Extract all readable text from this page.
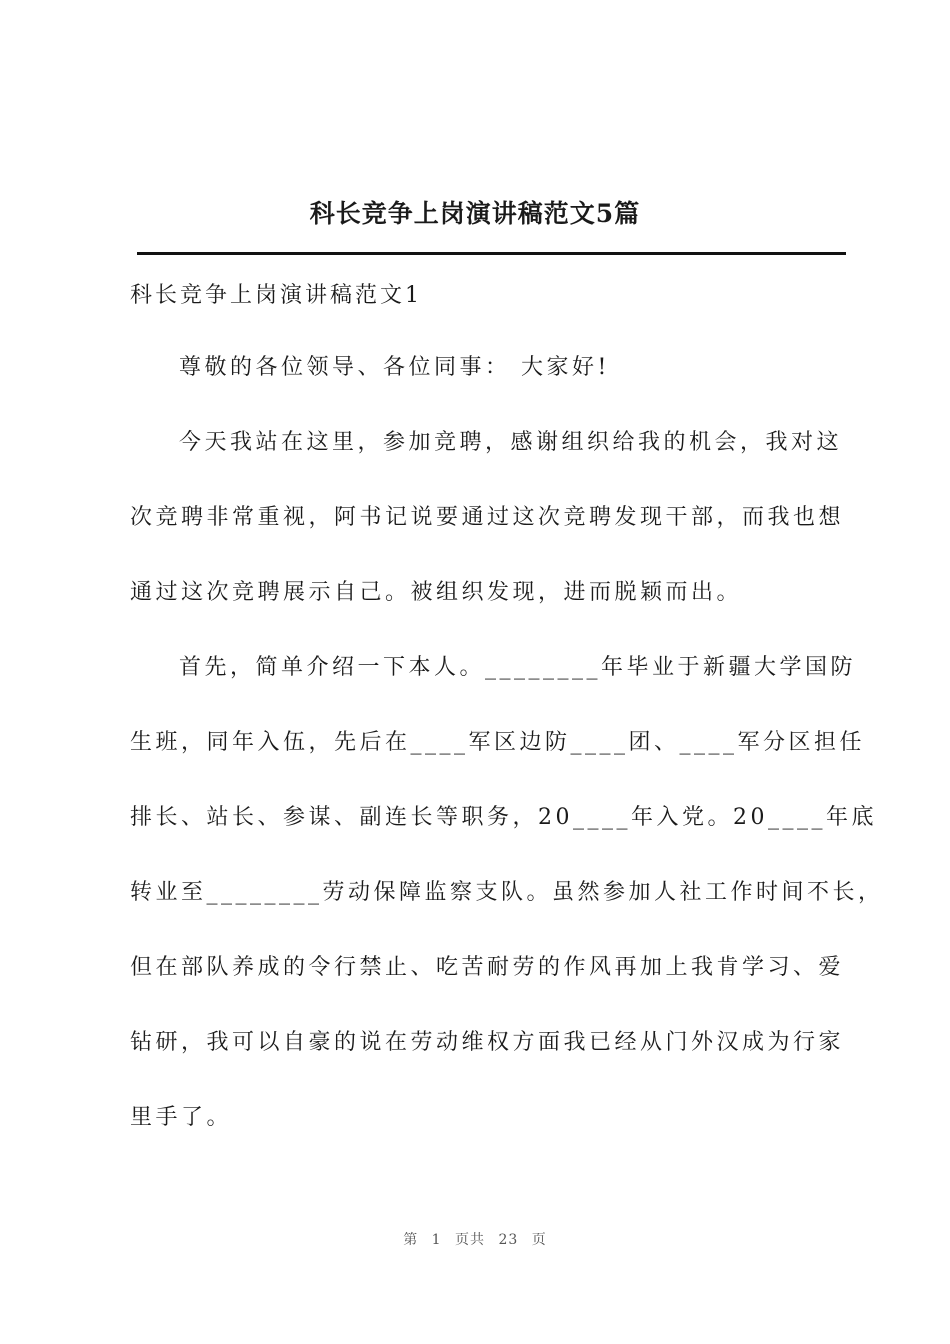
科长竞争上岗演讲稿范文5篇
科长竞争上岗演讲稿范文1
尊敬的各位领导、各位同事： 大家好!
今天我站在这里，参加竞聘，感谢组织给我的机会，我对这
次竞聘非常重视，阿书记说要通过这次竞聘发现干部，而我也想
通过这次竞聘展示自己。被组织发现，进而脱颖而出。
首先，简单介绍一下本人。________年毕业于新疆大学国防
生班，同年入伍，先后在____军区边防____团、____军分区担任
排长、站长、参谋、副连长等职务，20____年入党。20____年底
转业至________劳动保障监察支队。虽然参加人社工作时间不长，
但在部队养成的令行禁止、吃苦耐劳的作风再加上我肯学习、爱
钻研，我可以自豪的说在劳动维权方面我已经从门外汉成为行家
里手了。
第 1 页共 23 页
